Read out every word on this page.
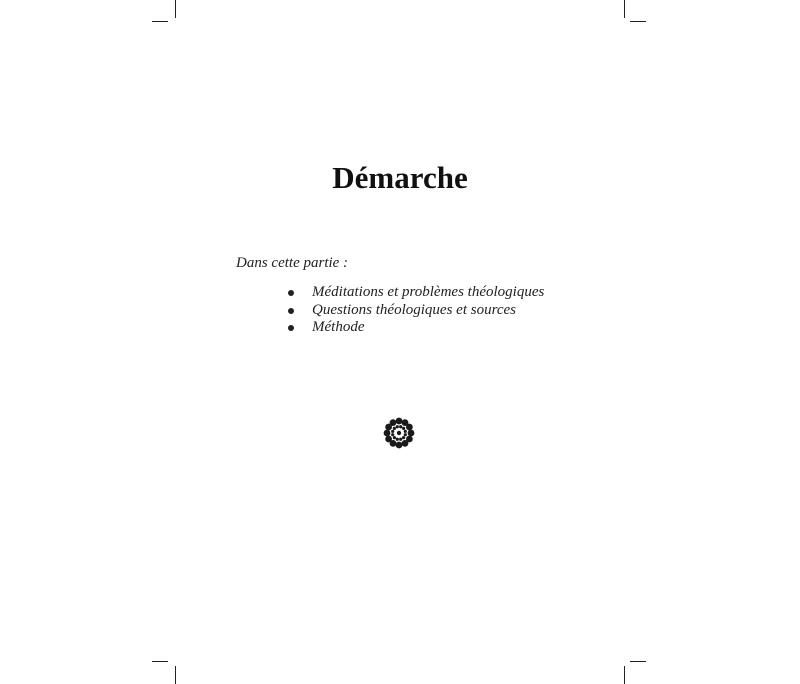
Démarche
Dans cette partie :
Méditations et problèmes théologiques
Questions théologiques et sources
Méthode
